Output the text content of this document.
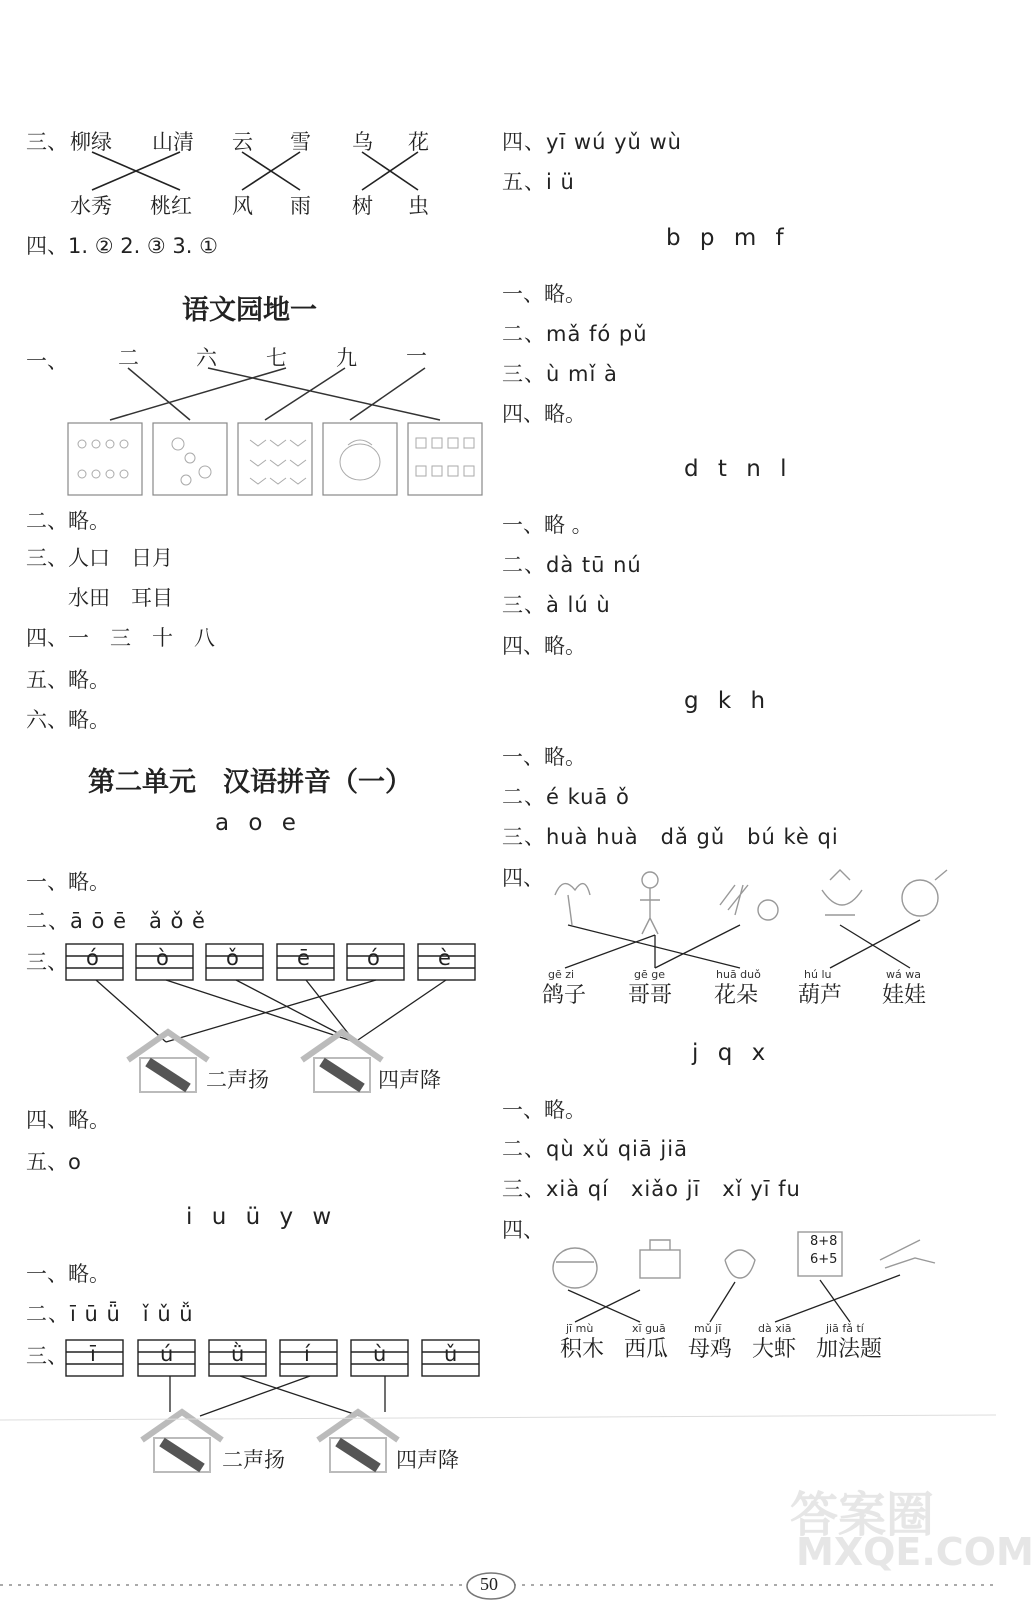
三、 柳绿 山清 云 雪 乌 花
水秀 桃红 风 雨 树 虫
四、1. ② 2. ③ 3. ①
语文园地一
一、 二	六 七 九 一
二、略。
三、人口　日月
水田　耳目
四、一　三　十　八
五、略。
六、略。
第二单元　汉语拼音（一）
a o e
一、略。
二、ā ō ē　ǎ ǒ ě
三、 ó	ò	ǒ	ē	ó	è
二声扬	四声降
四、略。
五、o
i u ü y w
一、略。
二、ī ū ǖ　ǐ ǔ ǚ
三、 ī	ú	ǜ	í	ù	ǔ
二声扬	四声降
四、yī wú yǔ wù
五、i ü
b p m f
一、略。
二、mǎ fó pǔ
三、ù mǐ à
四、略。
d t n l
一、略 。
二、dà tū nú
三、à lú ù
四、略。
g k h
一、略。
二、é kuā ǒ
三、huà huà　dǎ gǔ　bú kè qi
四、
gē zi
鸽子
gē ge
哥哥
huā duǒ
花朵
hú lu
葫芦
wá wa
娃娃
j q x
一、略。
二、qù xǔ qiā jiā
三、xià qí　xiǎo jī　xǐ yī fu
四、	8+8
6+5
jī mù
积木
xī guā
西瓜
mǔ jī
母鸡
dà xiā
大虾
jiā fǎ tí
加法题
50
答案圈
MXQE.COM
